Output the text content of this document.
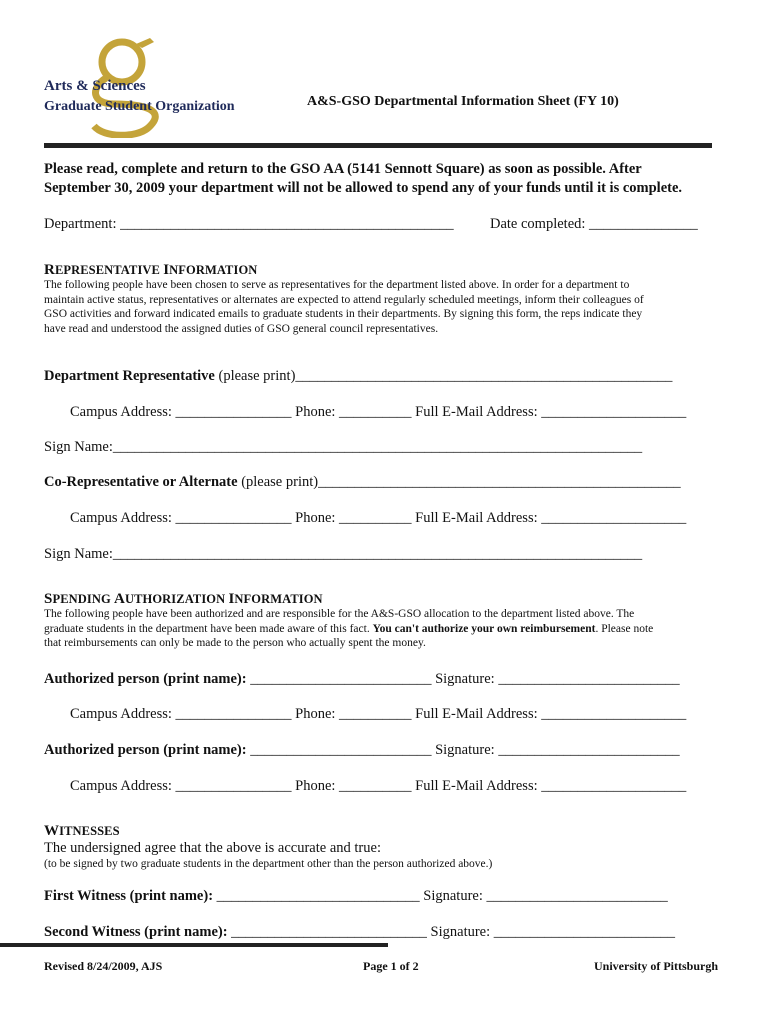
Arts & Sciences
Graduate Student Organization	A&S-GSO Departmental Information Sheet (FY 10)
Please read, complete and return to the GSO AA (5141 Sennott Square) as soon as possible. After
September 30, 2009 your department will not be allowed to spend any of your funds until it is complete.
Department: ______________________________________________	Date completed: _______________
REPRESENTATIVE INFORMATION
The following people have been chosen to serve as representatives for the department listed above. In order for a department to
maintain active status, representatives or alternates are expected to attend regularly scheduled meetings, inform their colleagues of
GSO activities and forward indicated emails to graduate students in their departments. By signing this form, the reps indicate they
have read and understood the assigned duties of GSO general council representatives.
Department Representative (please print)____________________________________________________
Campus Address: ________________ Phone: __________ Full E-Mail Address: ____________________
Sign Name:_________________________________________________________________________
Co-Representative or Alternate (please print)__________________________________________________
Campus Address: ________________ Phone: __________ Full E-Mail Address: ____________________
Sign Name:_________________________________________________________________________
SPENDING AUTHORIZATION INFORMATION
The following people have been authorized and are responsible for the A&S-GSO allocation to the department listed above. The
graduate students in the department have been made aware of this fact. You can't authorize your own reimbursement. Please note
that reimbursements can only be made to the person who actually spent the money.
Authorized person (print name): _________________________ Signature: _________________________
Campus Address: ________________ Phone: __________ Full E-Mail Address: ____________________
Authorized person (print name): _________________________ Signature: _________________________
Campus Address: ________________ Phone: __________ Full E-Mail Address: ____________________
WITNESSES
The undersigned agree that the above is accurate and true:
(to be signed by two graduate students in the department other than the person authorized above.)
First Witness (print name): ____________________________ Signature: _________________________
Second Witness (print name): ___________________________ Signature: _________________________
Revised 8/24/2009, AJS	Page 1 of 2	University of Pittsburgh
